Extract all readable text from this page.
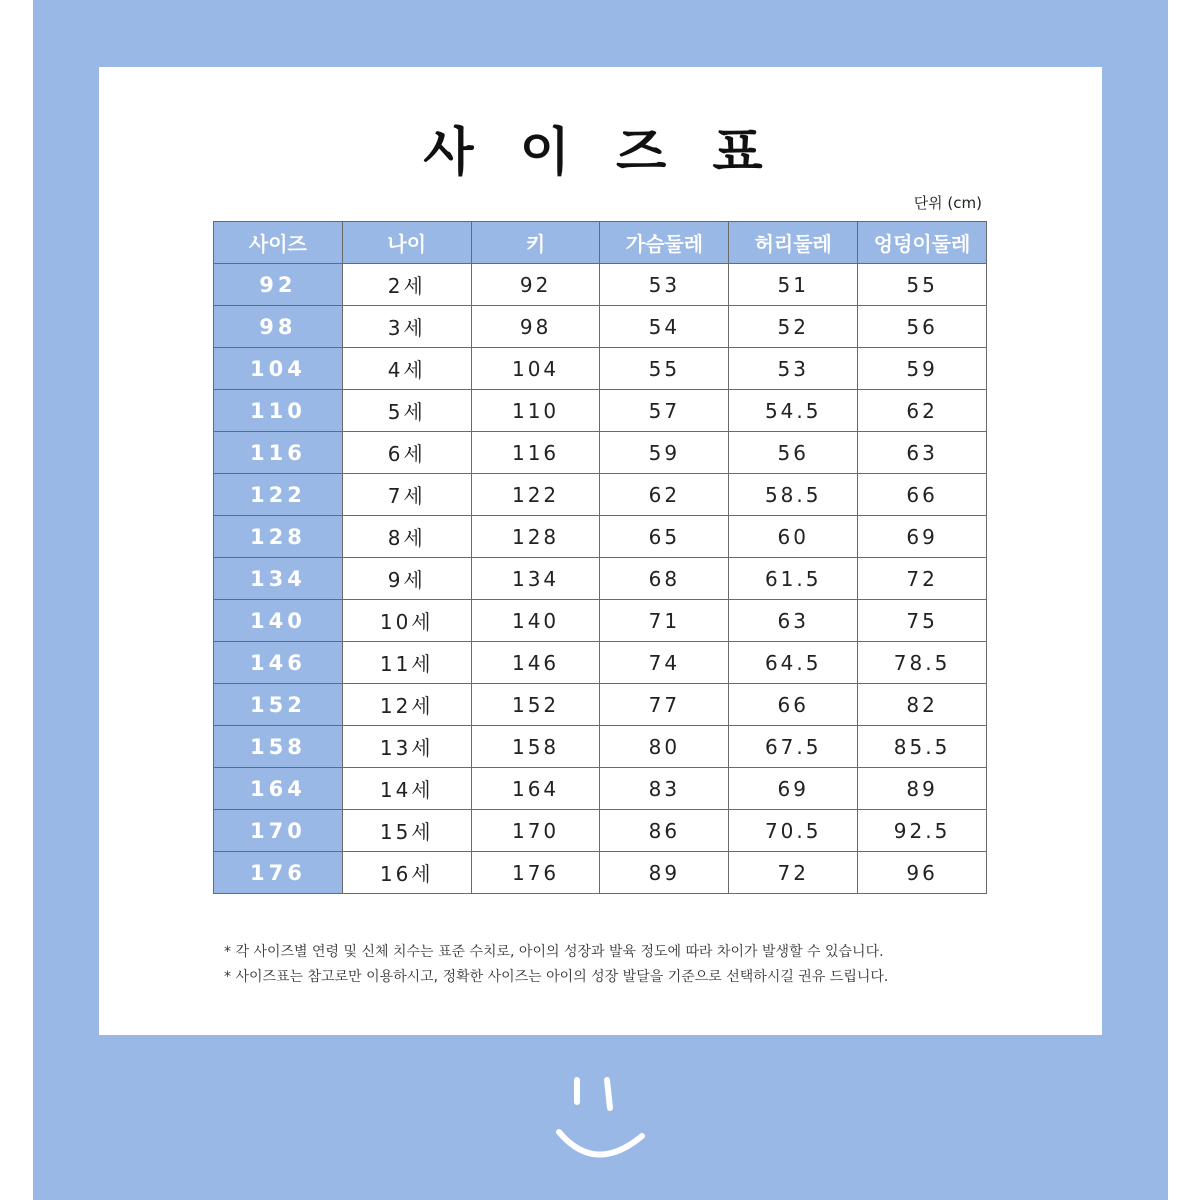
사 이 즈 표
단위 (cm)
사이즈	나이	키	가슴둘레	허리둘레	엉덩이둘레
92	2세	92	53	51	55
98	3세	98	54	52	56
104	4세	104	55	53	59
110	5세	110	57	54.5	62
116	6세	116	59	56	63
122	7세	122	62	58.5	66
128	8세	128	65	60	69
134	9세	134	68	61.5	72
140	10세	140	71	63	75
146	11세	146	74	64.5	78.5
152	12세	152	77	66	82
158	13세	158	80	67.5	85.5
164	14세	164	83	69	89
170	15세	170	86	70.5	92.5
176	16세	176	89	72	96
* 각 사이즈별 연령 및 신체 치수는 표준 수치로, 아이의 성장과 발육 정도에 따라 차이가 발생할 수 있습니다.
* 사이즈표는 참고로만 이용하시고, 정확한 사이즈는 아이의 성장 발달을 기준으로 선택하시길 권유 드립니다.
